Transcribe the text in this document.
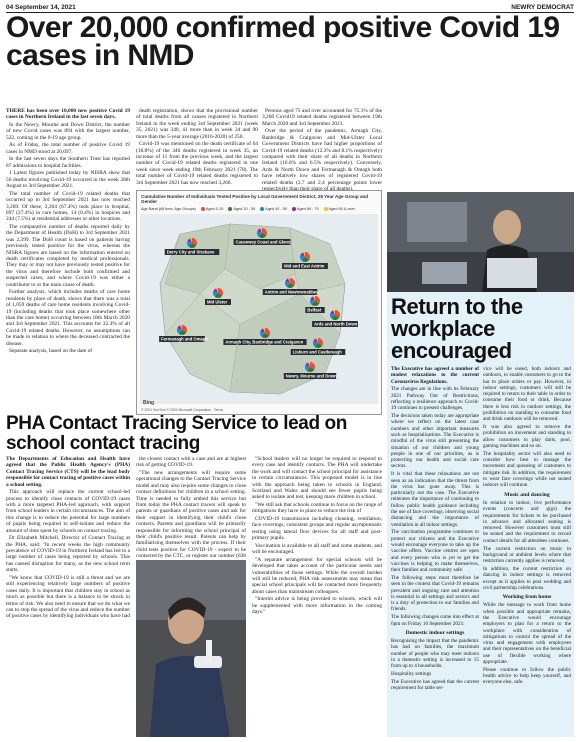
04 September 14, 2021	NEWRY DEMOCRAT
Over 20,000 confirmed positive Covid 19 cases in NMD

THERE has been over 10,000 new positive Covid 19 cases in Northern Ireland in the last seven days.

In the Newry, Mourne and Down District, the number of new Covid cases was 894 with the largest number, 522, coming in the 0-19 age group.

As of Friday, the total number of positive Covid 19 cases in NMD stood at 20,697.

In the last seven days the Southern Trust has reported 87 admissions to hospital facilities.

1 Latest figures published today by NISRA show that 56 deaths involving Covid-19 occurred in the week 28th August to 3rd September 2021.

The total number of Covid-19 related deaths that occurred up to 3rd September 2021 has now reached 3,269. Of these, 2,204 (67.4%) took place in hospital, 897 (27.4%) in care homes, 14 (0.4%) in hospices and 244 (7.5%) at residential addresses or other locations.

The comparative number of deaths reported daily by the Department of Health (DoH) to 3rd September 2021 was 2,399. The DoH count is based on patients having previously tested positive for the virus, whereas the NISRA figures are based on the information entered on death certificates completed by medical professionals. They may or may not have previously tested positive for the virus and therefore include both confirmed and suspected cases, and where Covid-19 was either a contributor to or the main cause of death.

Further analysis, which includes deaths of care home residents by place of death, shows that there was a total of 1,059 deaths of care home residents involving Covid-19 (including deaths that took place somewhere other than the care home) occurring between 18th March 2020 and 3rd September 2021. This accounts for 32.4% of all Covid-19 related deaths. However, no assumptions can be made in relation to where the deceased contracted the disease.

Separate analysis, based on the date of

death registration, shows that the provisional number of total deaths from all causes registered in Northern Ireland in the week ending 3rd September 2021 (week 35, 2021) was 340, 41 more than in week 34 and 90 more than the 5-year average (2016-2020) of 250.

Covid-19 was mentioned on the death certificate of 64 (18.8%) of the 340 deaths registered in week 35, an increase of 11 from the previous week, and the largest number of Covid-19 related deaths registered in one week since week ending 19th February 2021 (78). The total number of Covid-19 related deaths registered to 3rd September 2021 has now reached 3,266.

Persons aged 75 and over accounted for 75.1% of the 3,266 Covid19 related deaths registered between 19th March 2020 and 3rd September 2021.

Over the period of the pandemic, Armagh City, Banbridge & Craigavon and Mid-Ulster Local Government Districts have had higher proportions of Covid-19 related deaths (12.3% and 8.1% respectively) compared with their share of all deaths in Northern Ireland (10.6% and 6.5% respectively). Conversely, Ards & North Down and Fermanagh & Omagh both have relatively low shares of registered Covid-19 related deaths (2.7 and 2.4 percentage points lower

Cumulative Number of Individuals Tested Positive by Local Government District, 28 Year Age Group and Gender
Age Band (All time: Age Groups)	Aged 0-19	Aged 20 - 39	Aged 40 - 59	Aged 60 - 79	Aged 80 & over
Derry City and Strabane
Causeway Coast and Glens
Mid and East Antrim
Antrim and Newtownabbey
Belfast
Mid Ulster
Ards and North Down
Fermanagh and Omagh
Armagh City, Banbridge and Craigavon
Lisburn and Castlereagh
Newry, Mourne and Down
Bing
© 2021 TomTom © 2021 Microsoft Corporation · Terms
Return to the workplace encouraged

The Executive has agreed a number of modest relaxations to the current Coronavirus Regulations.

The changes are in line with its February 2021 Pathway Out of Restrictions, reflecting a resilience approach to Covid-19 continues to present challenges.

The decisions taken today are appropriate where we reflect on the latest case numbers and other important measures such as hospitalisations. The Executive is mindful of the virus still presenting the situation of our children and young people in one of our priorities, as is protecting our health and social care sectors.

It is vital that these relaxations are not seen as an indication that the threat from the virus has gone away. This is particularly not the case. The Executive reiterates the importance of continuing to follow public health guidance including the use of face coverings, observing social distancing and the importance of ventilation in all indoor settings.

The vaccination programme continues to protect our citizens and the Executive would encourage everyone to take up the vaccine offers. Vaccine centres are open and every person who is yet to get the vaccines is helping to make themselves, their families and community safe.

The following steps must therefore be seen in the context that Covid-19 remains prevalent and ongoing care and attention is essential in all settings and sectors and is a duty of protection to our families and friends.

The following changes come into effect at 6pm on Friday 10 September 2021:

Domestic indoor settings

Recognising the impact that the pandemic has had on families, the maximum number of people who may meet indoors in a domestic setting is increased to 15 from up to 4 households.

Hospitality settings

The Executive has agreed that the current requirement for table ser-

vice will be eased, both indoors and outdoors, to enable customers to go to the bar to place orders or pay. However, in indoor settings, customers will still be required to return to their table in order to consume their food or drink. Because there is less risk in outdoor settings, the prohibition on standing to consume food and drink outdoors will be removed.

It was also agreed to remove the prohibition on movement and standing to allow customers to play darts, pool, gaming machines and so on.

The hospitality sector will also need to consider how best to manage the movement and queueing of customers to mitigate risk. In addition, the requirement to wear face coverings while not seated indoors will continue.

Music and dancing

In relation to indoor, live performance events (concerts and gigs) the requirements for tickets to be purchased in advance and allocated seating is removed. However customers must still be seated and the requirement to record contact details for all attendees continues.

The current restriction on music in background or ambient levels where that restriction currently applies is removed.

In addition, the current restriction on dancing in indoor settings is removed except as it applies to post wedding and civil partnership celebrations.

Working from home

While the message to work from home when possible and appropriate remains, the Executive would encourage employers to plan for a return to the workplace with consideration of mitigations to control the spread of the virus and engagement with employees and their representatives on the beneficial use of flexible working where appropriate.

Please continue to follow the public health advice to help keep yourself, and everyone else, safe.

PHA Contact Tracing Service to lead on school contact tracing

The Departments of Education and Health have agreed that the Public Health Agency's (PHA) Contact Tracing Service (CTS) will be the lead body responsible for contact tracing of positive cases within a school setting.

This approach will replace the current school-led process to identify close contacts of COVID-19 cases with a more targeted PHA-led approach, with support from school leaders in certain circumstances. The aim of this change is to reduce the potential for large numbers of pupils being required to self-isolate and reduce the amount of time spent by schools on contact tracing.

Dr Elizabeth Mitchell, Director of Contact Tracing at the PHA, said: "In recent weeks the high community prevalence of COVID-19 in Northern Ireland has led to a large number of cases being reported by schools. This has caused disruption for many, as the new school term starts.

"We know that COVID-19 is still a threat and we are still experiencing relatively large numbers of positive cases daily. It is important that children stay in school as much as possible but there is a balance to be struck in terms of risk. We also need to ensure that we do what we can to stop the spread of the virus and reduce the number of positive cases by identifying individuals who have had

the closest contact with a case and are at highest risk of getting COVID-19.

"The new arrangements will require some operational changes to the Contact Tracing Service model and may also require some changes to close contact definitions for children in a school setting. Time is needed to fully embed this service but from today the PHA contact tracers will speak to parents or guardians of positive cases and ask for their support in identifying their child's close contacts. Parents and guardians will be primarily responsible for informing the school principal of their child's positive result. Parents can help by familiarising themselves with the process. If their child tests positive for COVID-19 - expect to be contacted by the CTC, or register our number (028

"School leaders will no longer be required to respond to every case and identify contacts. The PHA will undertake the work and will contact the school principal for assistance in certain circumstances. This proposed model is in line with the approach being taken to schools in England, Scotland and Wales and should see fewer pupils being asked to isolate and test, keeping more children in school.

"We still ask that schools continue to focus on the range of mitigations they have in place to reduce the risk of

COVID-19 transmission including cleaning, ventilation, face coverings, consistent groups and regular asymptomatic testing using lateral flow devices for all staff and post-primary pupils.

Vaccination is available to all staff and some students, and will be encouraged.

"A separate arrangement for special schools will be developed that takes account of the particular needs and vulnerabilities of those settings. While the overall burden will still be reduced, PHA risk assessments may mean that special school principals will be contacted more frequently about cases than mainstream colleagues.

"Interim advice is being provided to schools, which will be supplemented with more information in the coming days."
